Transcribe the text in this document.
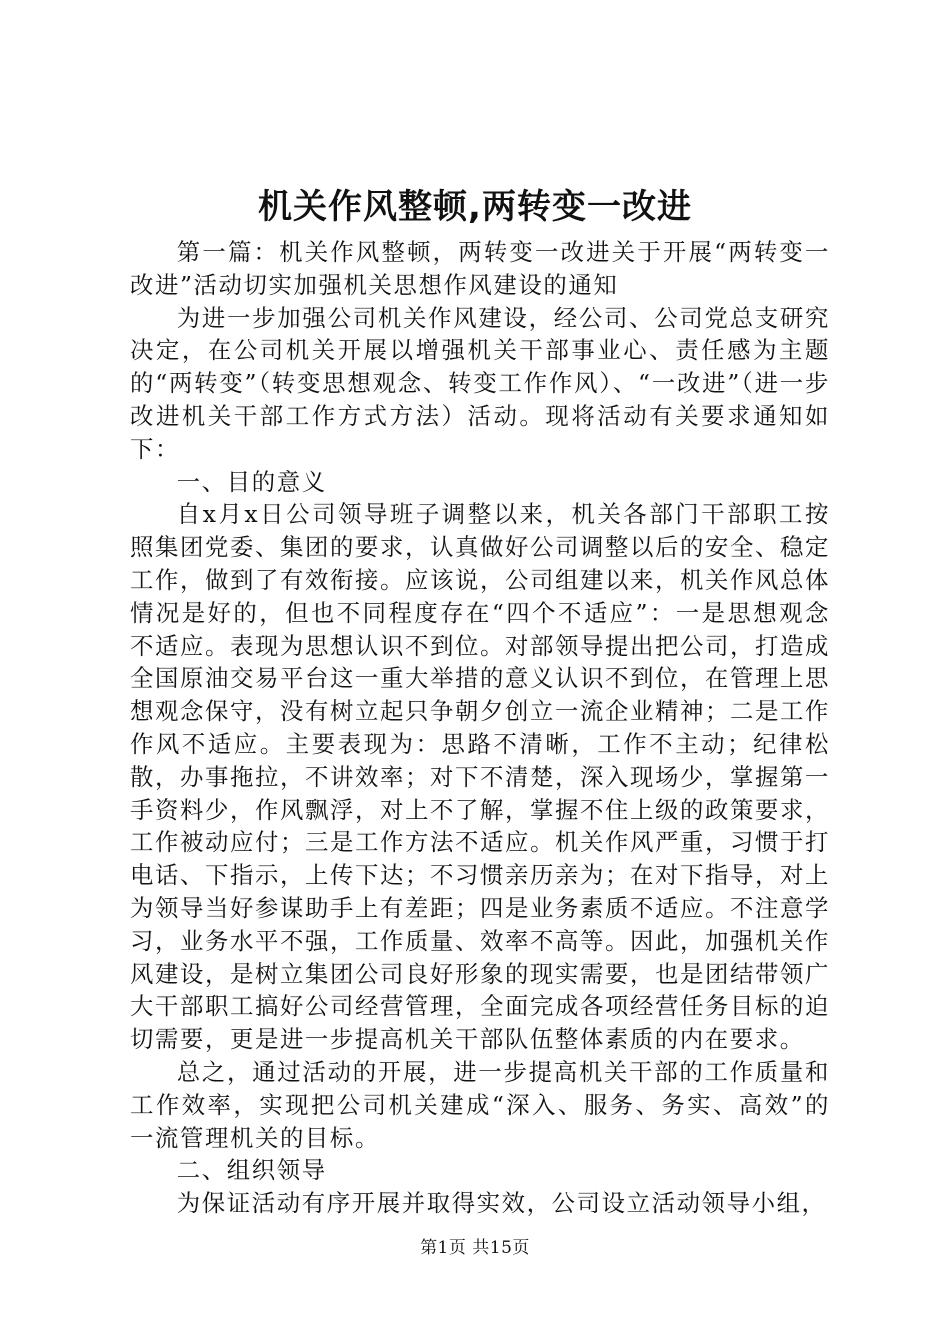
机关作风整顿,两转变一改进

第一篇：机关作风整顿，两转变一改进关于开展“两转变一改进”活动切实加强机关思想作风建设的通知

为进一步加强公司机关作风建设，经公司、公司党总支研究决定，在公司机关开展以增强机关干部事业心、责任感为主题的“两转变”（转变思想观念、转变工作作风）、“一改进”（进一步改进机关干部工作方式方法）活动。现将活动有关要求通知如下：

一、目的意义

自x月x日公司领导班子调整以来，机关各部门干部职工按照集团党委、集团的要求，认真做好公司调整以后的安全、稳定工作，做到了有效衔接。应该说，公司组建以来，机关作风总体情况是好的，但也不同程度存在“四个不适应”：一是思想观念不适应。表现为思想认识不到位。对部领导提出把公司，打造成全国原油交易平台这一重大举措的意义认识不到位，在管理上思想观念保守，没有树立起只争朝夕创立一流企业精神；二是工作作风不适应。主要表现为：思路不清晰，工作不主动；纪律松散，办事拖拉，不讲效率；对下不清楚，深入现场少，掌握第一手资料少，作风飘浮，对上不了解，掌握不住上级的政策要求，工作被动应付；三是工作方法不适应。机关作风严重，习惯于打电话、下指示，上传下达；不习惯亲历亲为；在对下指导，对上为领导当好参谋助手上有差距；四是业务素质不适应。不注意学习，业务水平不强，工作质量、效率不高等。因此，加强机关作风建设，是树立集团公司良好形象的现实需要，也是团结带领广大干部职工搞好公司经营管理，全面完成各项经营任务目标的迫切需要，更是进一步提高机关干部队伍整体素质的内在要求。

总之，通过活动的开展，进一步提高机关干部的工作质量和工作效率，实现把公司机关建成“深入、服务、务实、高效”的一流管理机关的目标。

二、组织领导

为保证活动有序开展并取得实效，公司设立活动领导小组，

第1页 共15页
